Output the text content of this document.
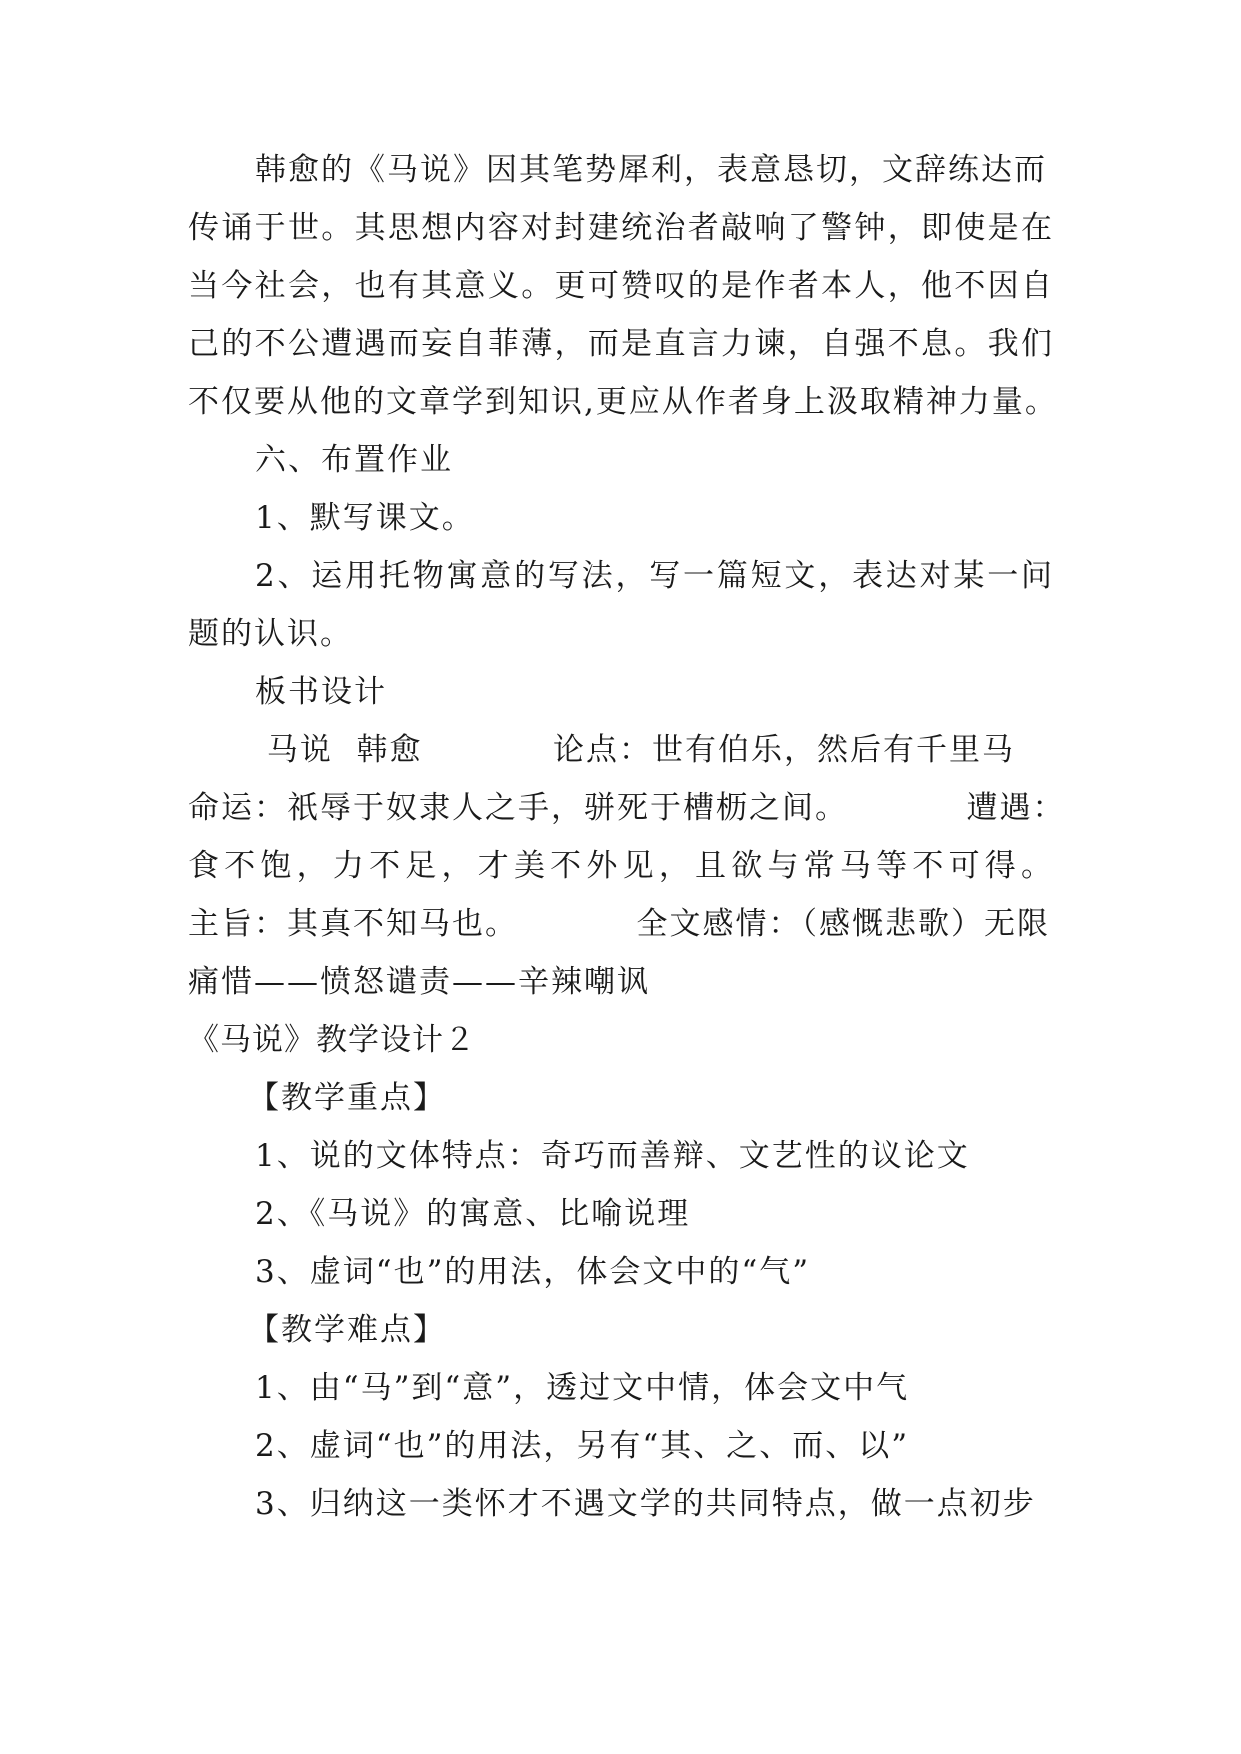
韩愈的《马说》因其笔势犀利，表意恳切，文辞练达而
传诵于世。其思想内容对封建统治者敲响了警钟，即使是在
当今社会，也有其意义。更可赞叹的是作者本人，他不因自
己的不公遭遇而妄自菲薄，而是直言力谏，自强不息。我们
不仅要从他的文章学到知识,更应从作者身上汲取精神力量。
六、布置作业
1、默写课文。
2、运用托物寓意的写法，写一篇短文，表达对某一问
题的认识。
板书设计
马说  韩愈           论点：世有伯乐，然后有千里马
命运：祇辱于奴隶人之手，骈死于槽枥之间。          遭遇：
食不饱，力不足，才美不外见，且欲与常马等不可得。
主旨：其真不知马也。          全文感情：（感慨悲歌）无限
痛惜——愤怒谴责——辛辣嘲讽
《马说》教学设计２
【教学重点】
1、说的文体特点：奇巧而善辩、文艺性的议论文
2、《马说》的寓意、比喻说理
3、虚词“也”的用法，体会文中的“气”
【教学难点】
1、由“马”到“意”，透过文中情，体会文中气
2、虚词“也”的用法，另有“其、之、而、以”
3、归纳这一类怀才不遇文学的共同特点，做一点初步
